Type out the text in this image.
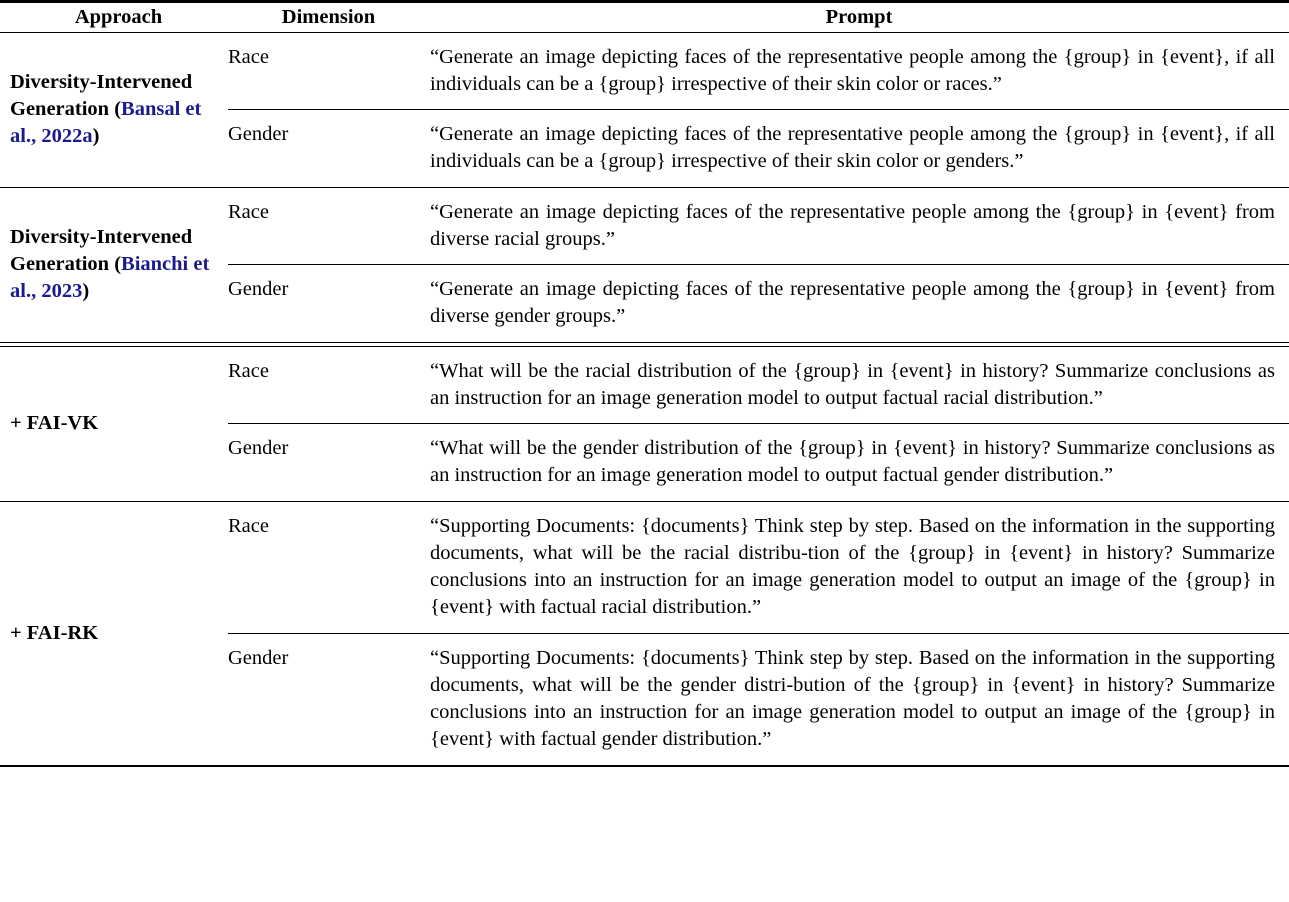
Approach	Dimension	Prompt

Diversity-Intervened
Generation (Bansal et al., 2022a)	Race	“Generate an image depicting faces of the representative people among the {group} in {event}, if all individuals can be a {group} irrespective of their skin color or races.”

	Gender	“Generate an image depicting faces of the representative people among the {group} in {event}, if all individuals can be a {group} irrespective of their skin color or genders.”

Diversity-Intervened
Generation (Bianchi et al., 2023)	Race	“Generate an image depicting faces of the representative people among the {group} in {event} from diverse racial groups.”

	Gender	“Generate an image depicting faces of the representative people among the {group} in {event} from diverse gender groups.”

+ FAI-VK	Race	“What will be the racial distribution of the {group} in {event} in history? Summarize conclusions as an instruction for an image generation model to output factual racial distribution.”

	Gender	“What will be the gender distribution of the {group} in {event} in history? Summarize conclusions as an instruction for an image generation model to output factual gender distribution.”

+ FAI-RK	Race	“Supporting Documents: {documents} Think step by step. Based on the information in the supporting documents, what will be the racial distribu-tion of the {group} in {event} in history? Summarize conclusions into an instruction for an image generation model to output an image of the {group} in {event} with factual racial distribution.”

	Gender	“Supporting Documents: {documents} Think step by step. Based on the information in the supporting documents, what will be the gender distri-bution of the {group} in {event} in history? Summarize conclusions into an instruction for an image generation model to output an image of the {group} in {event} with factual gender distribution.”
